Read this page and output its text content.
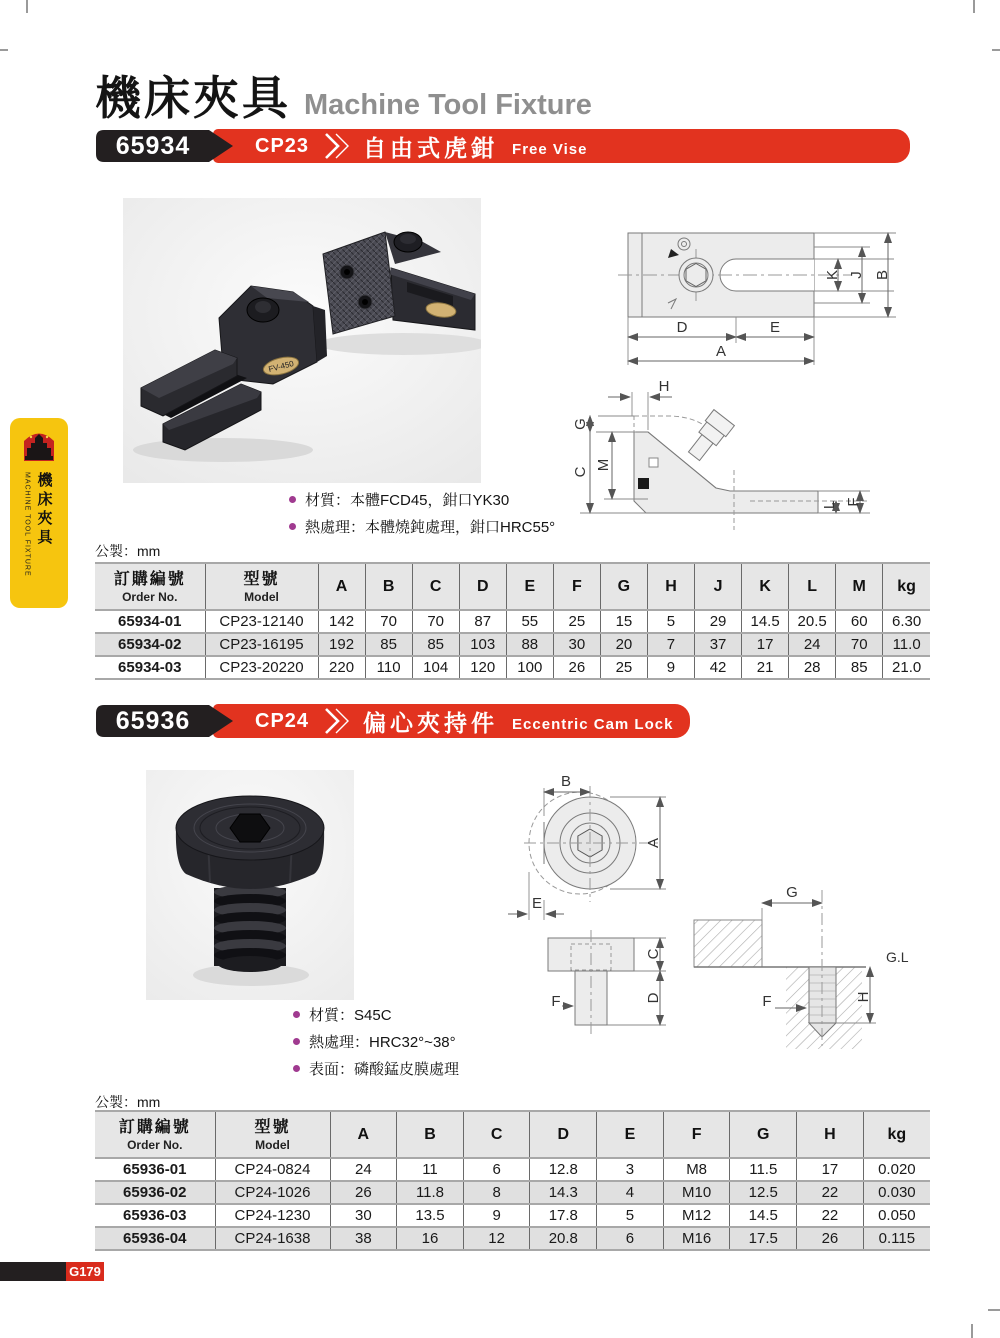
MACHINE TOOL FIXTURE 機床夾具
G179
機床夾具 Machine Tool Fixture
65934	CP23 自由式虎鉗 Free Vise
FV-450
D	E
A
K J B
H
G
C
M
L F
材質：本體FCD45，鉗口YK30
熱處理：本體燒鈍處理，鉗口HRC55°
公製：mm
訂購編號
Order No.

型號
Model
	A	B	C	D	E	F	G	H	J	K	L	M	kg
65934-01	CP23-12140	142	70	70	87	55	25	15	5	29	14.5	20.5	60	6.30
65934-02	CP23-16195	192	85	85	103	88	30	20	7	37	17	24	70	11.0
65934-03	CP23-20220	220	110	104	120	100	26	25	9	42	21	28	85	21.0
65936	CP24 偏心夾持件 Eccentric Cam Lock
B
A
E
C
D
F
G
G.L
F	H
材質：S45C
熱處理：HRC32°~38°
表面：磷酸錳皮膜處理
公製：mm
訂購編號
Order No.

型號
Model
	A	B	C	D	E	F	G	H	kg
65936-01	CP24-0824	24	11	6	12.8	3	M8	11.5	17	0.020
65936-02	CP24-1026	26	11.8	8	14.3	4	M10	12.5	22	0.030
65936-03	CP24-1230	30	13.5	9	17.8	5	M12	14.5	22	0.050
65936-04	CP24-1638	38	16	12	20.8	6	M16	17.5	26	0.115
